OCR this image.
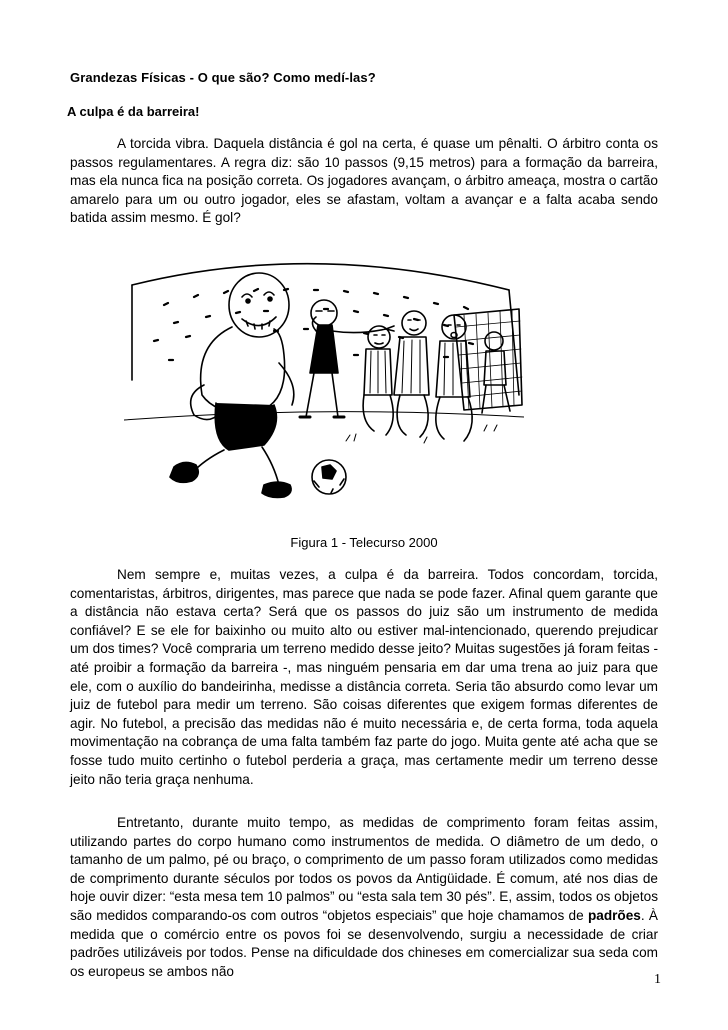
Grandezas Físicas - O que são? Como medí-las?
A culpa é da barreira!

A torcida vibra. Daquela distância é gol na certa, é quase um pênalti. O árbitro conta os passos regulamentares. A regra diz: são 10 passos (9,15 metros) para a formação da barreira, mas ela nunca fica na posição correta. Os jogadores avançam, o árbitro ameaça, mostra o cartão amarelo para um ou outro jogador, eles se afastam, voltam a avançar e a falta acaba sendo batida assim mesmo. É gol?

Figura 1 - Telecurso 2000

Nem sempre e, muitas vezes, a culpa é da barreira. Todos concordam, torcida, comentaristas, árbitros, dirigentes, mas parece que nada se pode fazer. Afinal quem garante que a distância não estava certa? Será que os passos do juiz são um instrumento de medida confiável? E se ele for baixinho ou muito alto ou estiver mal-intencionado, querendo prejudicar um dos times? Você compraria um terreno medido desse jeito? Muitas sugestões já foram feitas - até proibir a formação da barreira -, mas ninguém pensaria em dar uma trena ao juiz para que ele, com o auxílio do bandeirinha, medisse a distância correta. Seria tão absurdo como levar um juiz de futebol para medir um terreno. São coisas diferentes que exigem formas diferentes de agir. No futebol, a precisão das medidas não é muito necessária e, de certa forma, toda aquela movimentação na cobrança de uma falta também faz parte do jogo. Muita gente até acha que se fosse tudo muito certinho o futebol perderia a graça, mas certamente medir um terreno desse jeito não teria graça nenhuma.

Entretanto, durante muito tempo, as medidas de comprimento foram feitas assim, utilizando partes do corpo humano como instrumentos de medida. O diâmetro de um dedo, o tamanho de um palmo, pé ou braço, o comprimento de um passo foram utilizados como medidas de comprimento durante séculos por todos os povos da Antigüidade. É comum, até nos dias de hoje ouvir dizer: “esta mesa tem 10 palmos” ou “esta sala tem 30 pés”. E, assim, todos os objetos são medidos comparando-os com outros “objetos especiais” que hoje chamamos de padrões. À medida que o comércio entre os povos foi se desenvolvendo, surgiu a necessidade de criar padrões utilizáveis por todos. Pense na dificuldade dos chineses em comercializar sua seda com os europeus se ambos não

1
